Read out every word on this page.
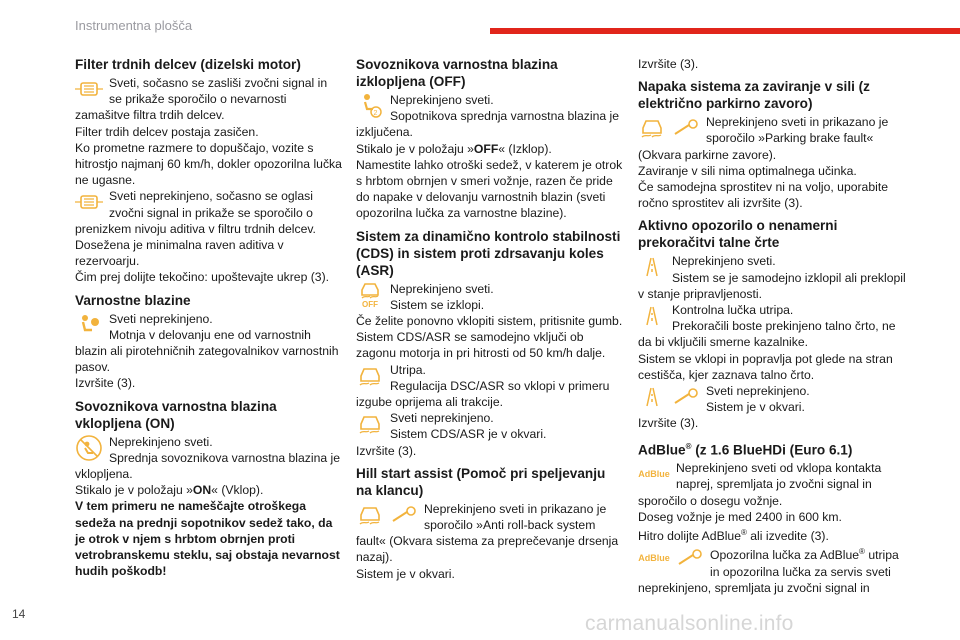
Instrumentna plošča
Filter trdnih delcev (dizelski motor)

Sveti, sočasno se zasliši zvočni signal in se prikaže sporočilo o nevarnosti zamašitve filtra trdih delcev.

Filter trdih delcev postaja zasičen.

Ko prometne razmere to dopuščajo, vozite s hitrostjo najmanj 60 km/h, dokler opozorilna lučka ne ugasne.

Sveti neprekinjeno, sočasno se oglasi zvočni signal in prikaže se sporočilo o prenizkem nivoju aditiva v filtru trdnih delcev.

Doseženа je minimalna raven aditiva v rezervoarju.

Čim prej dolijte tekočino: upoštevajte ukrep (3).

Varnostne blazine

Sveti neprekinjeno.

Motnja v delovanju ene od varnostnih blazin ali pirotehničnih zategovalnikov varnostnih pasov.

Izvršite (3).

Sovoznikova varnostna blazina vklopljena (ON)

Neprekinjeno sveti.

Sprednja sovoznikova varnostna blazina je vklopljena.

Stikalo je v položaju »ON« (Vklop).

V tem primeru ne nameščajte otroškega sedeža na prednji sopotnikov sedež tako, da je otrok v njem s hrbtom obrnjen proti vetrobranskemu steklu, saj obstaja nevarnost hudih poškodb!

Sovoznikova varnostna blazina izklopljena (OFF)
2

Neprekinjeno sveti.

Sopotnikova sprednja varnostna blazina je izključena.

Stikalo je v položaju »OFF« (Izklop).

Namestite lahko otroški sedež, v katerem je otrok s hrbtom obrnjen v smeri vožnje, razen če pride do napake v delovanju varnostnih blazin (sveti opozorilna lučka za varnostne blazine).

Sistem za dinamično kontrolo stabilnosti (CDS) in sistem proti zdrsavanju koles (ASR)
OFF

Neprekinjeno sveti.

Sistem se izklopi.

Če želite ponovno vklopiti sistem, pritisnite gumb.

Sistem CDS/ASR se samodejno vključi ob zagonu motorja in pri hitrosti od 50 km/h dalje.

Utripa.

Regulacija DSC/ASR so vklopi v primeru izgube oprijema ali trakcije.

Sveti neprekinjeno.

Sistem CDS/ASR je v okvari.

Izvršite (3).

Hill start assist (Pomoč pri speljevanju na klancu)

Neprekinjeno sveti in prikazano je sporočilo »Anti roll-back system fault« (Okvara sistema za preprečevanje drsenja nazaj).

Sistem je v okvari.

Izvršite (3).

Napaka sistema za zaviranje v sili (z električno parkirno zavoro)

Neprekinjeno sveti in prikazano je sporočilo »Parking brake fault« (Okvara parkirne zavore).

Zaviranje v sili nima optimalnega učinka.

Če samodejna sprostitev ni na voljo, uporabite ročno sprostitev ali izvršite (3).

Aktivno opozorilo o nenamerni prekoračitvi talne črte

Neprekinjeno sveti.

Sistem se je samodejno izklopil ali preklopil v stanje pripravljenosti.

Kontrolna lučka utripa.

Prekoračili boste prekinjeno talno črto, ne da bi vključili smerne kazalnike.

Sistem se vklopi in popravlja pot glede na stran cestišča, kjer zaznava talno črto.

Sveti neprekinjeno.

Sistem je v okvari.

Izvršite (3).

AdBlue® (z 1.6 BlueHDi (Euro 6.1)
AdBlue Neprekinjeno sveti od vklopa kontakta naprej, spremljata jo zvočni signal in sporočilo o dosegu vožnje.

Doseg vožnje je med 2400 in 600 km.

Hitro dolijte AdBlue® ali izvedite (3).

AdBlue	Opozorilna lučka za AdBlue® utripa in opozorilna lučka za servis sveti neprekinjeno, spremljata ju zvočni signal in

14	carmanualsonline.info
